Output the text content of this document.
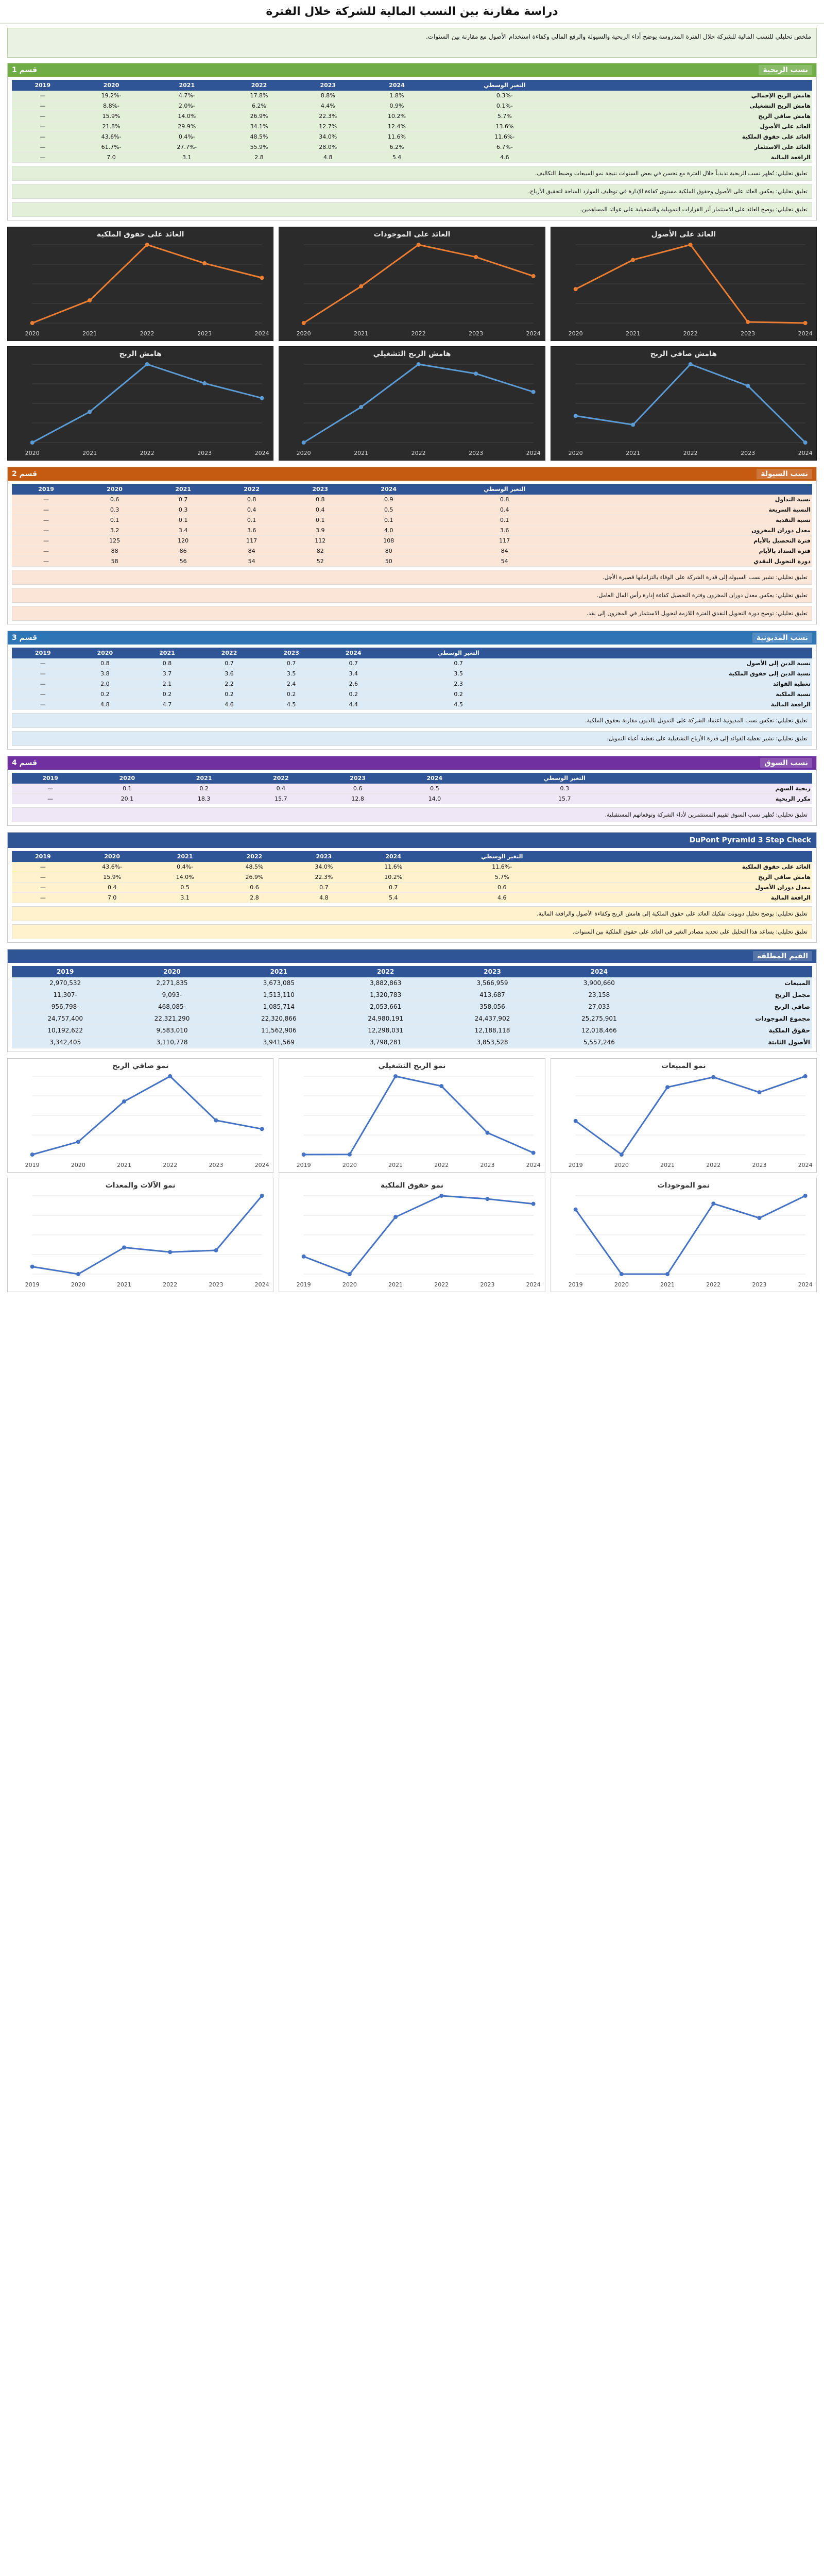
دراسة مقارنة بين النسب المالية للشركة خلال الفترة
ملخص تحليلي للنسب المالية للشركة خلال الفترة المدروسة يوضح أداء الربحية والسيولة والرفع المالي وكفاءة استخدام الأصول مع مقارنة بين السنوات.
نسب الربحية
قسم 1
	التغير الوسطي	2024	2023	2022	2021	2020	2019
هامش الربح الإجمالي	-0.3%	1.8%	8.8%	17.8%	-4.7%	-19.2%	—
هامش الربح التشغيلي	-0.1%	0.9%	4.4%	6.2%	-2.0%	-8.8%	—
هامش صافي الربح	5.7%	10.2%	22.3%	26.9%	14.0%	15.9%	—
العائد على الأصول	13.6%	12.4%	12.7%	34.1%	29.9%	21.8%	—
العائد على حقوق الملكية	-11.6%	11.6%	34.0%	48.5%	-0.4%	-43.6%	—
العائد على الاستثمار	-6.7%	6.2%	28.0%	55.9%	-27.7%	-61.7%	—
الرافعة المالية	4.6	5.4	4.8	2.8	3.1	7.0	—
تعليق تحليلي: تُظهر نسب الربحية تذبذباً خلال الفترة مع تحسن في بعض السنوات نتيجة نمو المبيعات وضبط التكاليف.
تعليق تحليلي: يعكس العائد على الأصول وحقوق الملكية مستوى كفاءة الإدارة في توظيف الموارد المتاحة لتحقيق الأرباح.
تعليق تحليلي: يوضح العائد على الاستثمار أثر القرارات التمويلية والتشغيلية على عوائد المساهمين.
العائد على الأصول
2020	2021	2022	2023	2024
العائد على الموجودات
2020	2021	2022	2023	2024
العائد على حقوق الملكية
2020	2021	2022	2023	2024
هامش صافي الربح
2020	2021	2022	2023	2024
هامش الربح التشغيلي
2020	2021	2022	2023	2024
هامش الربح
2020	2021	2022	2023	2024
نسب السيولة
قسم 2
	التغير الوسطي	2024	2023	2022	2021	2020	2019
نسبة التداول	0.8	0.9	0.8	0.8	0.7	0.6	—
النسبة السريعة	0.4	0.5	0.4	0.4	0.3	0.3	—
نسبة النقدية	0.1	0.1	0.1	0.1	0.1	0.1	—
معدل دوران المخزون	3.6	4.0	3.9	3.6	3.4	3.2	—
فترة التحصيل بالأيام	117	108	112	117	120	125	—
فترة السداد بالأيام	84	80	82	84	86	88	—
دورة التحويل النقدي	54	50	52	54	56	58	—
تعليق تحليلي: تشير نسب السيولة إلى قدرة الشركة على الوفاء بالتزاماتها قصيرة الأجل.
تعليق تحليلي: يعكس معدل دوران المخزون وفترة التحصيل كفاءة إدارة رأس المال العامل.
تعليق تحليلي: توضح دورة التحويل النقدي الفترة اللازمة لتحويل الاستثمار في المخزون إلى نقد.
نسب المديونية
قسم 3
	التغير الوسطي	2024	2023	2022	2021	2020	2019
نسبة الدين إلى الأصول	0.7	0.7	0.7	0.7	0.8	0.8	—
نسبة الدين إلى حقوق الملكية	3.5	3.4	3.5	3.6	3.7	3.8	—
تغطية الفوائد	2.3	2.6	2.4	2.2	2.1	2.0	—
نسبة الملكية	0.2	0.2	0.2	0.2	0.2	0.2	—
الرافعة المالية	4.5	4.4	4.5	4.6	4.7	4.8	—
تعليق تحليلي: تعكس نسب المديونية اعتماد الشركة على التمويل بالديون مقارنة بحقوق الملكية.
تعليق تحليلي: تشير تغطية الفوائد إلى قدرة الأرباح التشغيلية على تغطية أعباء التمويل.
نسب السوق
قسم 4
	التغير الوسطي	2024	2023	2022	2021	2020	2019
ربحية السهم	0.3	0.5	0.6	0.4	0.2	0.1	—
مكرر الربحية	15.7	14.0	12.8	15.7	18.3	20.1	—
تعليق تحليلي: تُظهر نسب السوق تقييم المستثمرين لأداء الشركة وتوقعاتهم المستقبلية.
DuPont Pyramid 3 Step Check
	التغير الوسطي	2024	2023	2022	2021	2020	2019
العائد على حقوق الملكية	-11.6%	11.6%	34.0%	48.5%	-0.4%	-43.6%	—
هامش صافي الربح	5.7%	10.2%	22.3%	26.9%	14.0%	15.9%	—
معدل دوران الأصول	0.6	0.7	0.7	0.6	0.5	0.4	—
الرافعة المالية	4.6	5.4	4.8	2.8	3.1	7.0	—
تعليق تحليلي: يوضح تحليل دوبونت تفكيك العائد على حقوق الملكية إلى هامش الربح وكفاءة الأصول والرافعة المالية.
تعليق تحليلي: يساعد هذا التحليل على تحديد مصادر التغير في العائد على حقوق الملكية بين السنوات.
القيم المطلقة
	2024	2023	2022	2021	2020	2019
المبيعات	3,900,660	3,566,959	3,882,863	3,673,085	2,271,835	2,970,532
مجمل الربح	23,158	413,687	1,320,783	1,513,110	-9,093	-11,307
صافي الربح	27,033	358,056	2,053,661	1,085,714	-468,085	-956,798
مجموع الموجودات	25,275,901	24,437,902	24,980,191	22,320,866	22,321,290	24,757,400
حقوق الملكية	12,018,466	12,188,118	12,298,031	11,562,906	9,583,010	10,192,622
الأصول الثابتة	5,557,246	3,853,528	3,798,281	3,941,569	3,110,778	3,342,405
نمو المبيعات
2019	2020	2021	2022	2023	2024
نمو الربح التشغيلي
2019	2020	2021	2022	2023	2024
نمو صافي الربح
2019	2020	2021	2022	2023	2024
نمو الموجودات
2019	2020	2021	2022	2023	2024
نمو حقوق الملكية
2019	2020	2021	2022	2023	2024
نمو الآلات والمعدات
2019	2020	2021	2022	2023	2024
